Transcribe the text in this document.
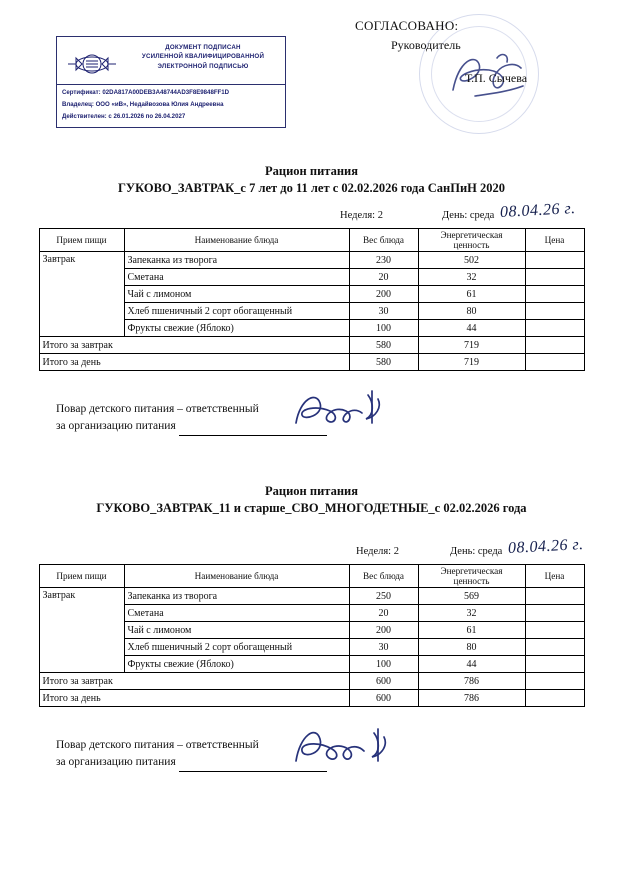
ДОКУМЕНТ ПОДПИСАН
УСИЛЕННОЙ КВАЛИФИЦИРОВАННОЙ
ЭЛЕКТРОННОЙ ПОДПИСЬЮ
Сертификат: 02DA817A00DEB3A48744AD3F8E9848FF1D
Владелец: ООО «иВ», Недайвозова Юлия Андреевна
Действителен: с 26.01.2026 по 26.04.2027
СОГЛАСОВАНО:
Руководитель
Т.П. Сычева
Рацион питания
ГУКОВО_ЗАВТРАК_с 7 лет до 11 лет с 02.02.2026 года СанПиН 2020
Неделя: 2	День: среда 08.04.26 г.
Прием пищи	Наименование блюда	Вес блюда	Энергетическая ценность	Цена
Завтрак	Запеканка из творога	230	502	
	Сметана	20	32	
	Чай с лимоном	200	61	
	Хлеб пшеничный 2 сорт обогащенный	30	80	
	Фрукты свежие (Яблоко)	100	44	
Итого за завтрак		580	719	
Итого за день		580	719	
Повар детского питания – ответственный
за организацию питания
Рацион питания
ГУКОВО_ЗАВТРАК_11 и старше_СВО_МНОГОДЕТНЫЕ_с 02.02.2026 года
Неделя: 2	День: среда 08.04.26 г.
Прием пищи	Наименование блюда	Вес блюда	Энергетическая ценность	Цена
Завтрак	Запеканка из творога	250	569	
	Сметана	20	32	
	Чай с лимоном	200	61	
	Хлеб пшеничный 2 сорт обогащенный	30	80	
	Фрукты свежие (Яблоко)	100	44	
Итого за завтрак		600	786	
Итого за день		600	786	
Повар детского питания – ответственный
за организацию питания
